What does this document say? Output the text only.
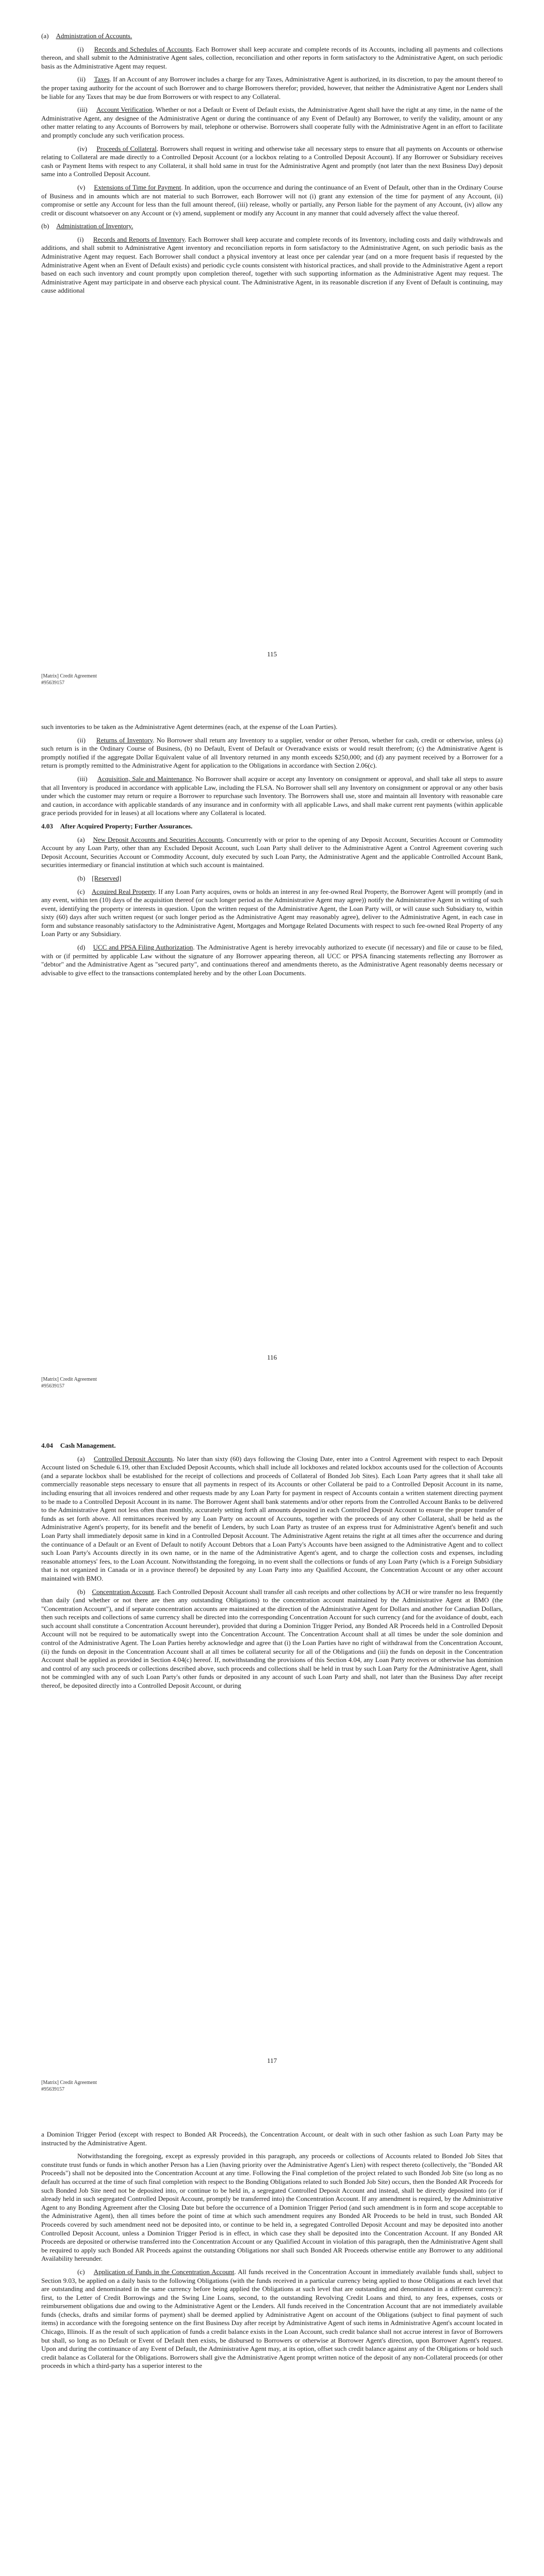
(a) Administration of Accounts.

(i) Records and Schedules of Accounts. Each Borrower shall keep accurate and complete records of its Accounts, including all payments and collections thereon, and shall submit to the Administrative Agent sales, collection, reconciliation and other reports in form satisfactory to the Administrative Agent, on such periodic basis as the Administrative Agent may request.

(ii) Taxes. If an Account of any Borrower includes a charge for any Taxes, Administrative Agent is authorized, in its discretion, to pay the amount thereof to the proper taxing authority for the account of such Borrower and to charge Borrowers therefor; provided, however, that neither the Administrative Agent nor Lenders shall be liable for any Taxes that may be due from Borrowers or with respect to any Collateral.

(iii) Account Verification. Whether or not a Default or Event of Default exists, the Administrative Agent shall have the right at any time, in the name of the Administrative Agent, any designee of the Administrative Agent or during the continuance of any Event of Default) any Borrower, to verify the validity, amount or any other matter relating to any Accounts of Borrowers by mail, telephone or otherwise. Borrowers shall cooperate fully with the Administrative Agent in an effort to facilitate and promptly conclude any such verification process.

(iv) Proceeds of Collateral. Borrowers shall request in writing and otherwise take all necessary steps to ensure that all payments on Accounts or otherwise relating to Collateral are made directly to a Controlled Deposit Account (or a lockbox relating to a Controlled Deposit Account). If any Borrower or Subsidiary receives cash or Payment Items with respect to any Collateral, it shall hold same in trust for the Administrative Agent and promptly (not later than the next Business Day) deposit same into a Controlled Deposit Account.

(v) Extensions of Time for Payment. In addition, upon the occurrence and during the continuance of an Event of Default, other than in the Ordinary Course of Business and in amounts which are not material to such Borrower, each Borrower will not (i) grant any extension of the time for payment of any Account, (ii) compromise or settle any Account for less than the full amount thereof, (iii) release, wholly or partially, any Person liable for the payment of any Account, (iv) allow any credit or discount whatsoever on any Account or (v) amend, supplement or modify any Account in any manner that could adversely affect the value thereof.

(b) Administration of Inventory.

(i) Records and Reports of Inventory. Each Borrower shall keep accurate and complete records of its Inventory, including costs and daily withdrawals and additions, and shall submit to Administrative Agent inventory and reconciliation reports in form satisfactory to the Administrative Agent, on such periodic basis as the Administrative Agent may request. Each Borrower shall conduct a physical inventory at least once per calendar year (and on a more frequent basis if requested by the Administrative Agent when an Event of Default exists) and periodic cycle counts consistent with historical practices, and shall provide to the Administrative Agent a report based on each such inventory and count promptly upon completion thereof, together with such supporting information as the Administrative Agent may request. The Administrative Agent may participate in and observe each physical count. The Administrative Agent, in its reasonable discretion if any Event of Default is continuing, may cause additional

115
[Matrix] Credit Agreement
#95639157

such inventories to be taken as the Administrative Agent determines (each, at the expense of the Loan Parties).

(ii) Returns of Inventory. No Borrower shall return any Inventory to a supplier, vendor or other Person, whether for cash, credit or otherwise, unless (a) such return is in the Ordinary Course of Business, (b) no Default, Event of Default or Overadvance exists or would result therefrom; (c) the Administrative Agent is promptly notified if the aggregate Dollar Equivalent value of all Inventory returned in any month exceeds $250,000; and (d) any payment received by a Borrower for a return is promptly remitted to the Administrative Agent for application to the Obligations in accordance with Section 2.06(c).

(iii) Acquisition, Sale and Maintenance. No Borrower shall acquire or accept any Inventory on consignment or approval, and shall take all steps to assure that all Inventory is produced in accordance with applicable Law, including the FLSA. No Borrower shall sell any Inventory on consignment or approval or any other basis under which the customer may return or require a Borrower to repurchase such Inventory. The Borrowers shall use, store and maintain all Inventory with reasonable care and caution, in accordance with applicable standards of any insurance and in conformity with all applicable Laws, and shall make current rent payments (within applicable grace periods provided for in leases) at all locations where any Collateral is located.

4.03 After Acquired Property; Further Assurances.

(a) New Deposit Accounts and Securities Accounts. Concurrently with or prior to the opening of any Deposit Account, Securities Account or Commodity Account by any Loan Party, other than any Excluded Deposit Account, such Loan Party shall deliver to the Administrative Agent a Control Agreement covering such Deposit Account, Securities Account or Commodity Account, duly executed by such Loan Party, the Administrative Agent and the applicable Controlled Account Bank, securities intermediary or financial institution at which such account is maintained.

(b) [Reserved]

(c) Acquired Real Property. If any Loan Party acquires, owns or holds an interest in any fee-owned Real Property, the Borrower Agent will promptly (and in any event, within ten (10) days of the acquisition thereof (or such longer period as the Administrative Agent may agree)) notify the Administrative Agent in writing of such event, identifying the property or interests in question. Upon the written request of the Administrative Agent, the Loan Party will, or will cause such Subsidiary to, within sixty (60) days after such written request (or such longer period as the Administrative Agent may reasonably agree), deliver to the Administrative Agent, in each case in form and substance reasonably satisfactory to the Administrative Agent, Mortgages and Mortgage Related Documents with respect to such fee-owned Real Property of any Loan Party or any Subsidiary.

(d) UCC and PPSA Filing Authorization. The Administrative Agent is hereby irrevocably authorized to execute (if necessary) and file or cause to be filed, with or (if permitted by applicable Law without the signature of any Borrower appearing thereon, all UCC or PPSA financing statements reflecting any Borrower as "debtor" and the Administrative Agent as "secured party", and continuations thereof and amendments thereto, as the Administrative Agent reasonably deems necessary or advisable to give effect to the transactions contemplated hereby and by the other Loan Documents.

116
[Matrix] Credit Agreement
#95639157

4.04 Cash Management.

(a) Controlled Deposit Accounts. No later than sixty (60) days following the Closing Date, enter into a Control Agreement with respect to each Deposit Account listed on Schedule 6.19, other than Excluded Deposit Accounts, which shall include all lockboxes and related lockbox accounts used for the collection of Accounts (and a separate lockbox shall be established for the receipt of collections and proceeds of Collateral of Bonded Job Sites). Each Loan Party agrees that it shall take all commercially reasonable steps necessary to ensure that all payments in respect of its Accounts or other Collateral be paid to a Controlled Deposit Account in its name, including ensuring that all invoices rendered and other requests made by any Loan Party for payment in respect of Accounts contain a written statement directing payment to be made to a Controlled Deposit Account in its name. The Borrower Agent shall bank statements and/or other reports from the Controlled Account Banks to be delivered to the Administrative Agent not less often than monthly, accurately setting forth all amounts deposited in each Controlled Deposit Account to ensure the proper transfer of funds as set forth above. All remittances received by any Loan Party on account of Accounts, together with the proceeds of any other Collateral, shall be held as the Administrative Agent's property, for its benefit and the benefit of Lenders, by such Loan Party as trustee of an express trust for Administrative Agent's benefit and such Loan Party shall immediately deposit same in kind in a Controlled Deposit Account. The Administrative Agent retains the right at all times after the occurrence and during the continuance of a Default or an Event of Default to notify Account Debtors that a Loan Party's Accounts have been assigned to the Administrative Agent and to collect such Loan Party's Accounts directly in its own name, or in the name of the Administrative Agent's agent, and to charge the collection costs and expenses, including reasonable attorneys' fees, to the Loan Account. Notwithstanding the foregoing, in no event shall the collections or funds of any Loan Party (which is a Foreign Subsidiary that is not organized in Canada or in a province thereof) be deposited by any Loan Party into any Qualified Account, the Concentration Account or any other account maintained with BMO.

(b) Concentration Account. Each Controlled Deposit Account shall transfer all cash receipts and other collections by ACH or wire transfer no less frequently than daily (and whether or not there are then any outstanding Obligations) to the concentration account maintained by the Administrative Agent at BMO (the "Concentration Account"), and if separate concentration accounts are maintained at the direction of the Administrative Agent for Dollars and another for Canadian Dollars, then such receipts and collections of same currency shall be directed into the corresponding Concentration Account for such currency (and for the avoidance of doubt, each such account shall constitute a Concentration Account hereunder), provided that during a Dominion Trigger Period, any Bonded AR Proceeds held in a Controlled Deposit Account will not be required to be automatically swept into the Concentration Account. The Concentration Account shall at all times be under the sole dominion and control of the Administrative Agent. The Loan Parties hereby acknowledge and agree that (i) the Loan Parties have no right of withdrawal from the Concentration Account, (ii) the funds on deposit in the Concentration Account shall at all times be collateral security for all of the Obligations and (iii) the funds on deposit in the Concentration Account shall be applied as provided in Section 4.04(c) hereof. If, notwithstanding the provisions of this Section 4.04, any Loan Party receives or otherwise has dominion and control of any such proceeds or collections described above, such proceeds and collections shall be held in trust by such Loan Party for the Administrative Agent, shall not be commingled with any of such Loan Party's other funds or deposited in any account of such Loan Party and shall, not later than the Business Day after receipt thereof, be deposited directly into a Controlled Deposit Account, or during

117
[Matrix] Credit Agreement
#95639157

a Dominion Trigger Period (except with respect to Bonded AR Proceeds), the Concentration Account, or dealt with in such other fashion as such Loan Party may be instructed by the Administrative Agent.

Notwithstanding the foregoing, except as expressly provided in this paragraph, any proceeds or collections of Accounts related to Bonded Job Sites that constitute trust funds or funds in which another Person has a Lien (having priority over the Administrative Agent's Lien) with respect thereto (collectively, the "Bonded AR Proceeds") shall not be deposited into the Concentration Account at any time. Following the Final completion of the project related to such Bonded Job Site (so long as no default has occurred at the time of such final completion with respect to the Bonding Obligations related to such Bonded Job Site) occurs, then the Bonded AR Proceeds for such Bonded Job Site need not be deposited into, or continue to be held in, a segregated Controlled Deposit Account and instead, shall be directly deposited into (or if already held in such segregated Controlled Deposit Account, promptly be transferred into) the Concentration Account. If any amendment is required, by the Administrative Agent to any Bonding Agreement after the Closing Date but before the occurrence of a Dominion Trigger Period (and such amendment is in form and scope acceptable to the Administrative Agent), then all times before the point of time at which such amendment requires any Bonded AR Proceeds to be held in trust, such Bonded AR Proceeds covered by such amendment need not be deposited into, or continue to be held in, a segregated Controlled Deposit Account and may be deposited into another Controlled Deposit Account, unless a Dominion Trigger Period is in effect, in which case they shall be deposited into the Concentration Account. If any Bonded AR Proceeds are deposited or otherwise transferred into the Concentration Account or any Qualified Account in violation of this paragraph, then the Administrative Agent shall be required to apply such Bonded AR Proceeds against the outstanding Obligations nor shall such Bonded AR Proceeds otherwise entitle any Borrower to any additional Availability hereunder.

(c) Application of Funds in the Concentration Account. All funds received in the Concentration Account in immediately available funds shall, subject to Section 9.03, be applied on a daily basis to the following Obligations (with the funds received in a particular currency being applied to those Obligations at each level that are outstanding and denominated in the same currency before being applied the Obligations at such level that are outstanding and denominated in a different currency): first, to the Letter of Credit Borrowings and the Swing Line Loans, second, to the outstanding Revolving Credit Loans and third, to any fees, expenses, costs or reimbursement obligations due and owing to the Administrative Agent or the Lenders. All funds received in the Concentration Account that are not immediately available funds (checks, drafts and similar forms of payment) shall be deemed applied by Administrative Agent on account of the Obligations (subject to final payment of such items) in accordance with the foregoing sentence on the first Business Day after receipt by Administrative Agent of such items in Administrative Agent's account located in Chicago, Illinois. If as the result of such application of funds a credit balance exists in the Loan Account, such credit balance shall not accrue interest in favor of Borrowers but shall, so long as no Default or Event of Default then exists, be disbursed to Borrowers or otherwise at Borrower Agent's direction, upon Borrower Agent's request. Upon and during the continuance of any Event of Default, the Administrative Agent may, at its option, offset such credit balance against any of the Obligations or hold such credit balance as Collateral for the Obligations. Borrowers shall give the Administrative Agent prompt written notice of the deposit of any non-Collateral proceeds (or other proceeds in which a third-party has a superior interest to the
